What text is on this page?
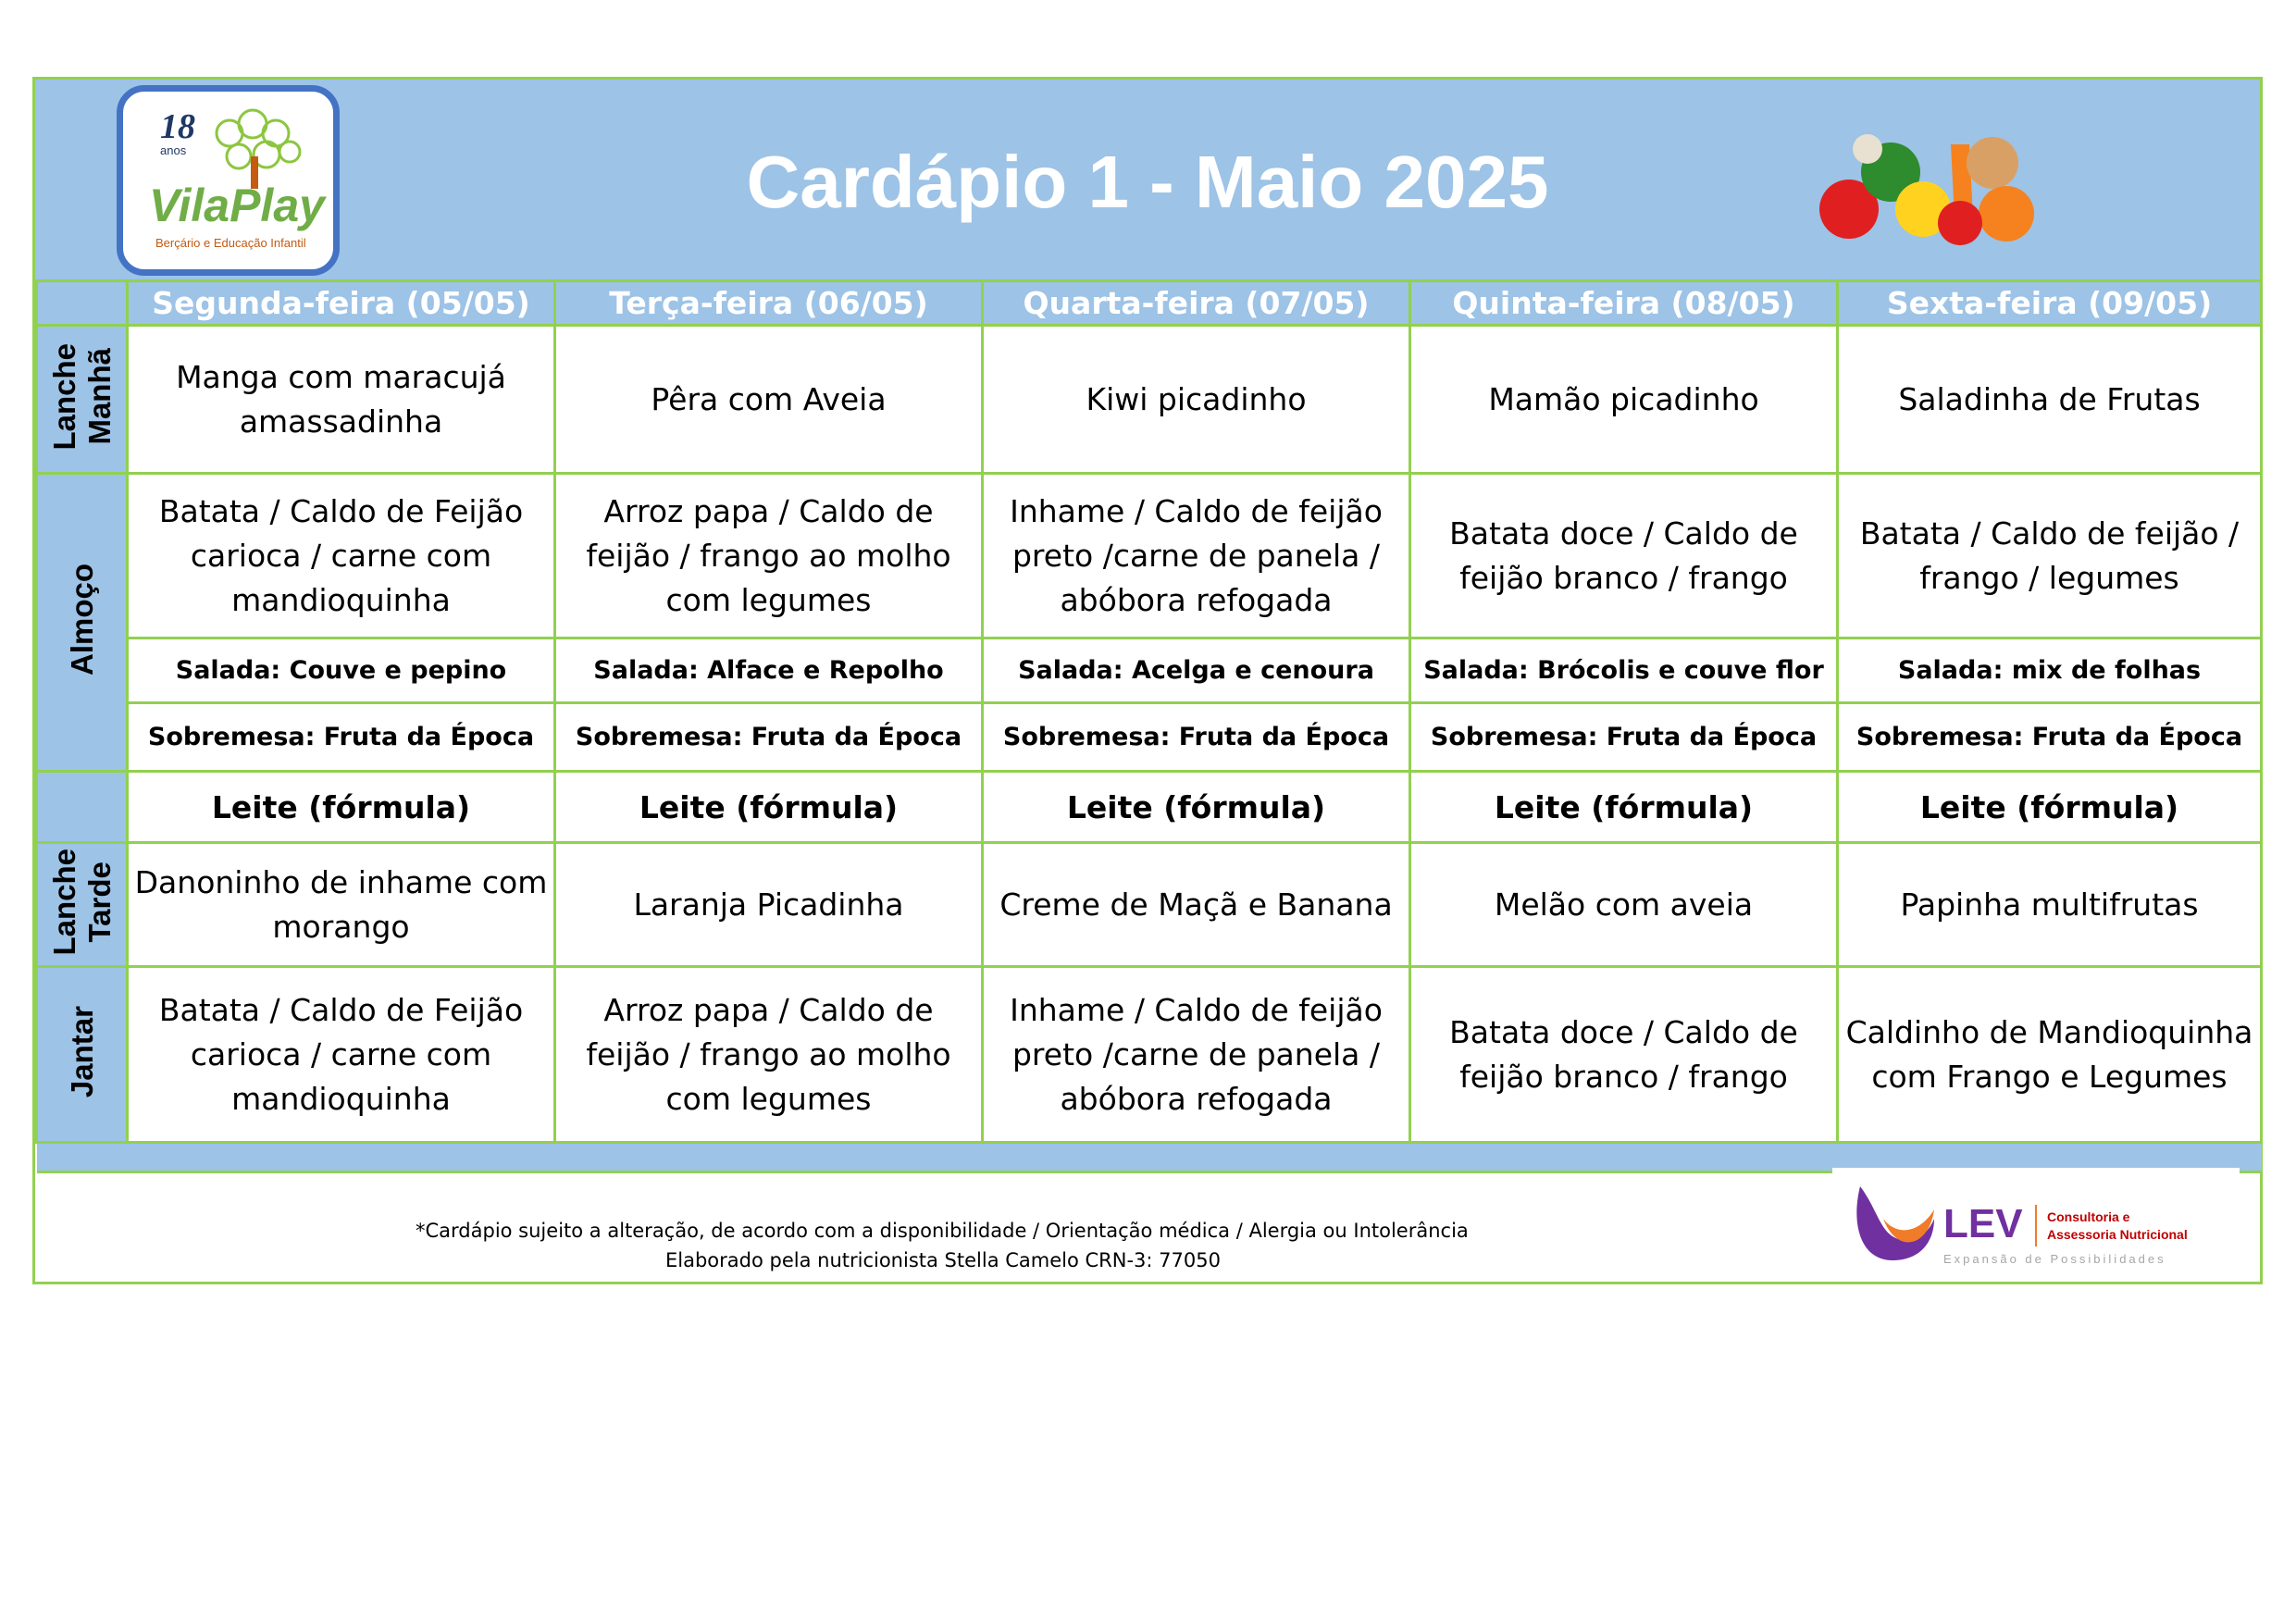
18
anos
VilaPlay
Berçário e Educação Infantil
Cardápio 1 - Maio 2025
	Segunda-feira (05/05)	Terça-feira (06/05)	Quarta-feira (07/05)	Quinta-feira (08/05)	Sexta-feira (09/05)
Lanche
Manhã	Manga com maracujá amassadinha	Pêra com Aveia	Kiwi picadinho	Mamão picadinho	Saladinha de Frutas
Almoço	Batata / Caldo de Feijão carioca / carne com mandioquinha	Arroz papa / Caldo de feijão / frango ao molho com legumes	Inhame / Caldo de feijão preto /carne de panela / abóbora refogada	Batata doce / Caldo de feijão branco / frango	Batata / Caldo de feijão / frango / legumes
	Salada: Couve e pepino	Salada: Alface e Repolho	Salada: Acelga e cenoura	Salada: Brócolis e couve flor	Salada: mix de folhas
	Sobremesa: Fruta da Época	Sobremesa: Fruta da Época	Sobremesa: Fruta da Época	Sobremesa: Fruta da Época	Sobremesa: Fruta da Época
	Leite (fórmula)	Leite (fórmula)	Leite (fórmula)	Leite (fórmula)	Leite (fórmula)
Lanche
Tarde	Danoninho de inhame com morango	Laranja Picadinha	Creme de Maçã e Banana	Melão com aveia	Papinha multifrutas
Jantar	Batata / Caldo de Feijão carioca / carne com mandioquinha	Arroz papa / Caldo de feijão / frango ao molho com legumes	Inhame / Caldo de feijão preto /carne de panela / abóbora refogada	Batata doce / Caldo de feijão branco / frango	Caldinho de Mandioquinha com Frango e Legumes

*Cardápio sujeito a alteração, de acordo com a disponibilidade / Orientação médica / Alergia ou Intolerância
Elaborado pela nutricionista Stella Camelo CRN-3: 77050
LEV Consultoria e
Assessoria Nutricional
Expansão de Possibilidades
